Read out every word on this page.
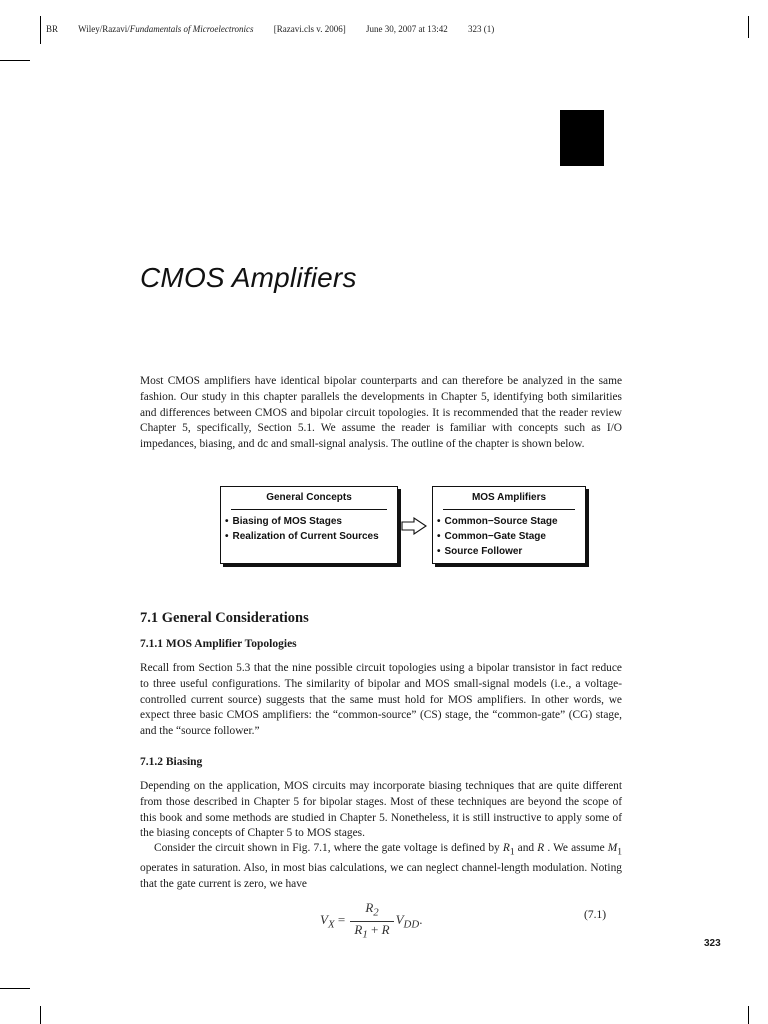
BR Wiley/Razavi/Fundamentals of Microelectronics [Razavi.cls v. 2006] June 30, 2007 at 13:42 323 (1)
CMOS Amplifiers
Most CMOS amplifiers have identical bipolar counterparts and can therefore be analyzed in the same fashion. Our study in this chapter parallels the developments in Chapter 5, identifying both similarities and differences between CMOS and bipolar circuit topologies. It is recommended that the reader review Chapter 5, specifically, Section 5.1. We assume the reader is familiar with concepts such as I/O impedances, biasing, and dc and small-signal analysis. The outline of the chapter is shown below.
General Concepts
• Biasing of MOS Stages
• Realization of Current Sources
MOS Amplifiers
• Common−Source Stage
• Common−Gate Stage
• Source Follower
7.1 General Considerations
7.1.1 MOS Amplifier Topologies
Recall from Section 5.3 that the nine possible circuit topologies using a bipolar transistor in fact reduce to three useful configurations. The similarity of bipolar and MOS small-signal models (i.e., a voltage-controlled current source) suggests that the same must hold for MOS amplifiers. In other words, we expect three basic CMOS amplifiers: the “common-source” (CS) stage, the “common-gate” (CG) stage, and the “source follower.”
7.1.2 Biasing
Depending on the application, MOS circuits may incorporate biasing techniques that are quite different from those described in Chapter 5 for bipolar stages. Most of these techniques are beyond the scope of this book and some methods are studied in Chapter 5. Nonetheless, it is still instructive to apply some of the biasing concepts of Chapter 5 to MOS stages.
Consider the circuit shown in Fig. 7.1, where the gate voltage is defined by $R_1$ and R . We assume $M_1$ operates in saturation. Also, in most bias calculations, we can neglect channel-length modulation. Noting that the gate current is zero, we have
$V_X = \frac{R_2}{R_1 + R} V_{DD}$.	(7.1)
323
